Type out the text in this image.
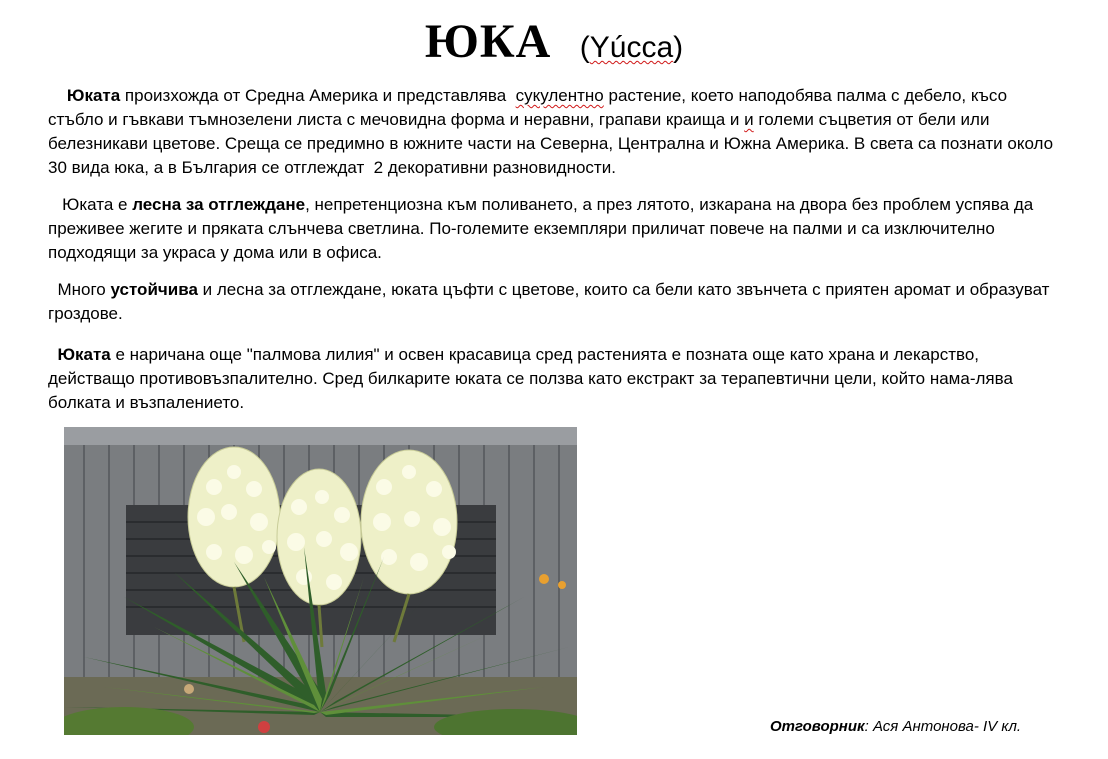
ЮКА (Yúcca)

Юката произхожда от Средна Америка и представлява  сукулентно растение, което наподобява палма с дебело, късо стъбло и гъвкави тъмнозелени листа с мечовидна форма и неравни, грапави краища и и големи съцветия от бели или белезникави цветове. Среща се предимно в южните части на Северна, Централна и Южна Америка. В света са познати около 30 вида юка, а в България се отглеждат  2 декоративни разновидности.

Юката е лесна за отглеждане, непретенциозна към поливането, а през лятото, изкарана на двора без проблем успява да преживее жегите и пряката слънчева светлина. По-големите екземпляри приличат повече на палми и са изключително подходящи за украса у дома или в офиса.

Много устойчива и лесна за отглеждане, юката цъфти с цветове, които са бели като звънчета с приятен аромат и образуват гроздове.

Юката е наричана още "палмова лилия" и освен красавица сред растенията е позната още като храна и лекарство, действащо противовъзпалително. Сред билкарите юката се ползва като екстракт за терапевтични цели, който нама-лява болката и възпалението.

Отговорник: Ася Антонова- IV кл.
